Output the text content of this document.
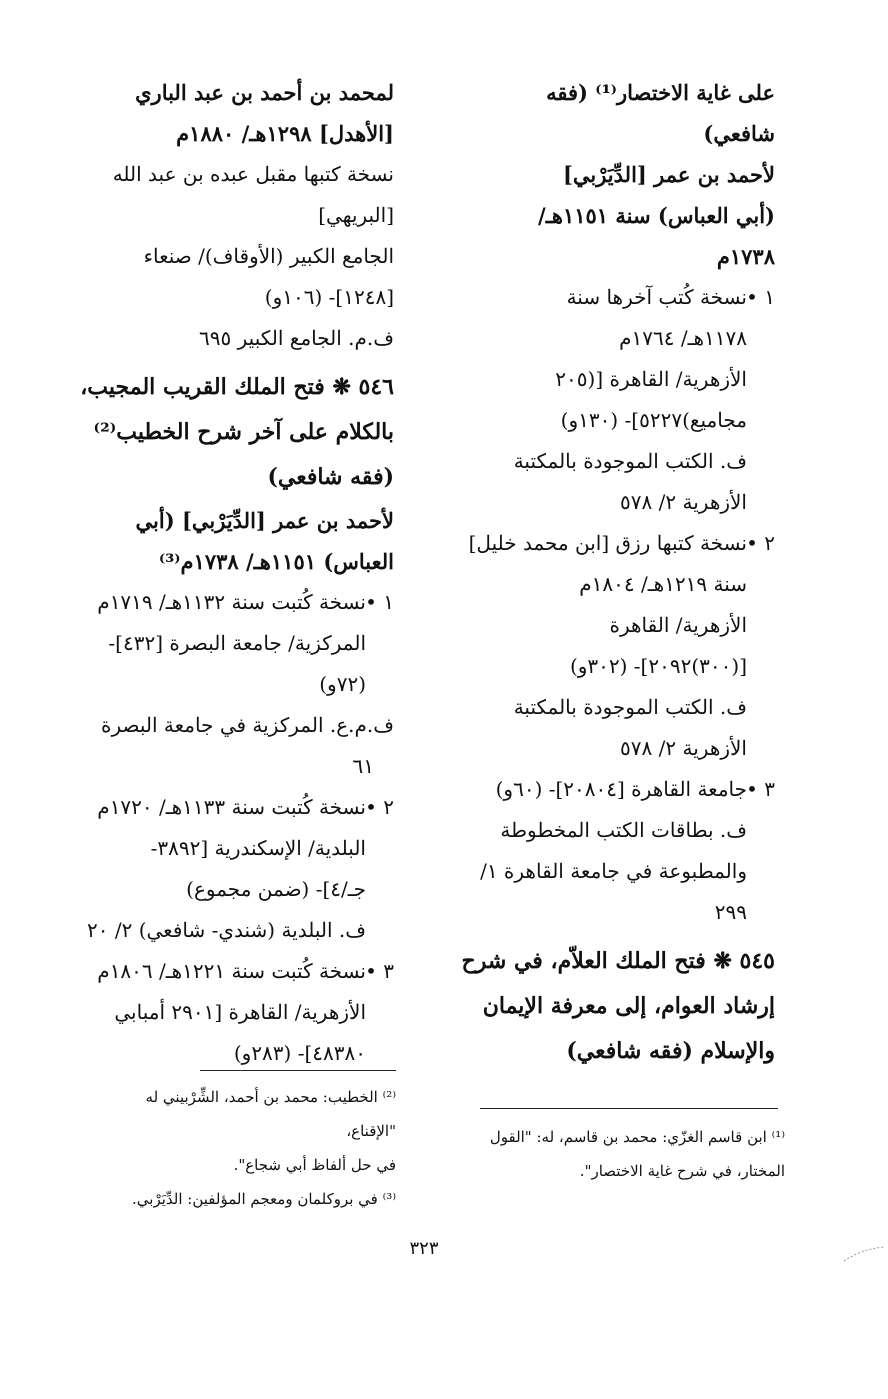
على غاية الاختصار⁽¹⁾ (فقه
شافعي)
لأحمد بن عمر [الدِّيَرْبي]
(أبي العباس) سنة ١١٥١هـ/
١٧٣٨م
١ •
نسخة كُتب آخرها سنة
١١٧٨هـ/ ١٧٦٤م
الأزهرية/ القاهرة [(٢٠٥
مجاميع)٥٢٢٧]- (١٣٠و)
ف. الكتب الموجودة بالمكتبة
الأزهرية ٢/ ٥٧٨
٢ •
نسخة كتبها رزق [ابن محمد خليل]
سنة ١٢١٩هـ/ ١٨٠٤م
الأزهرية/ القاهرة
[(٣٠٠)٢٠٩٢]- (٣٠٢و)
ف. الكتب الموجودة بالمكتبة
الأزهرية ٢/ ٥٧٨
٣ •
جامعة القاهرة [٢٠٨٠٤]- (٦٠و)
ف. بطاقات الكتب المخطوطة
والمطبوعة في جامعة القاهرة ١/
٢٩٩
٥٤٥ ❋ فتح الملك العلاّم، في شرح
إرشاد العوام، إلى معرفة الإيمان
والإسلام (فقه شافعي)
لمحمد بن أحمد بن عبد الباري
[الأهدل] ١٢٩٨هـ/ ١٨٨٠م
نسخة كتبها مقبل عبده بن عبد الله
[البريهي]
الجامع الكبير (الأوقاف)/ صنعاء
[١٢٤٨]- (١٠٦و)
ف.م. الجامع الكبير ٦٩٥
٥٤٦ ❋ فتح الملك القريب المجيب،
بالكلام على آخر شرح الخطيب⁽²⁾
(فقه شافعي)
لأحمد بن عمر [الدِّيَرْبي] (أبي
العباس) ١١٥١هـ/ ١٧٣٨م⁽³⁾
١ •
نسخة كُتبت سنة ١١٣٢هـ/ ١٧١٩م
المركزية/ جامعة البصرة [٤٣٢]-
(٧٢و)
ف.م.ع. المركزية في جامعة البصرة
٦١
٢ •
نسخة كُتبت سنة ١١٣٣هـ/ ١٧٢٠م
البلدية/ الإسكندرية [٣٨٩٢-
جـ/٤]- (ضمن مجموع)
ف. البلدية (شندي- شافعي) ٢/ ٢٠
٣ •
نسخة كُتبت سنة ١٢٢١هـ/ ١٨٠٦م
الأزهرية/ القاهرة [٢٩٠١ أمبابي
٤٨٣٨٠]- (٢٨٣و)
⁽²⁾ الخطيب: محمد بن أحمد، الشِّرْبيني له "الإقناع،
في حل ألفاظ أبي شجاع".
⁽³⁾ في بروكلمان ومعجم المؤلفين: الدِّيَرْبي.
⁽¹⁾ ابن قاسم الغزّي: محمد بن قاسم، له: "القول
المختار، في شرح غاية الاختصار".
٣٢٣
